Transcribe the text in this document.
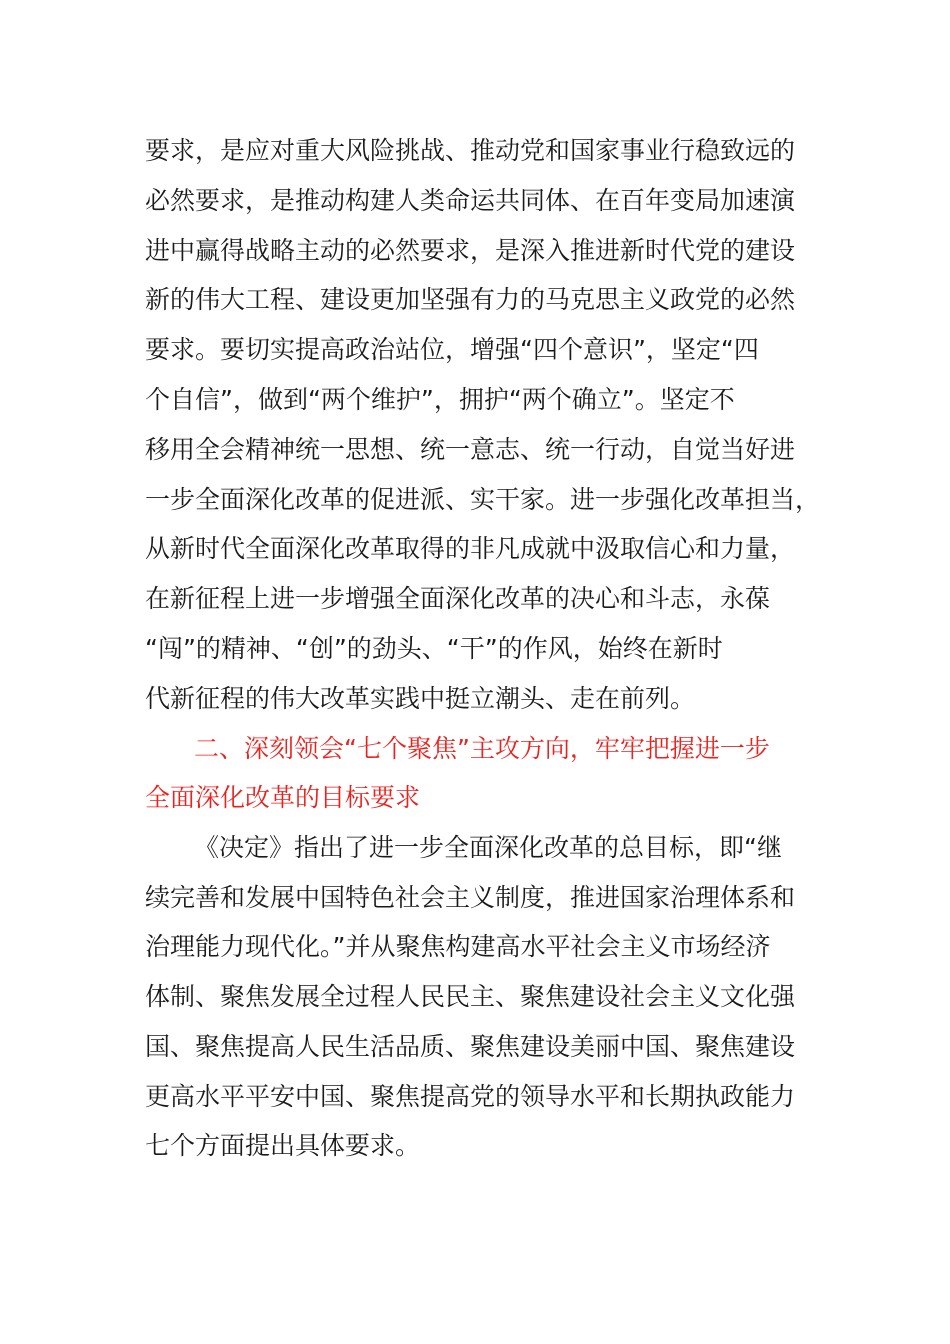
要求，是应对重大风险挑战、推动党和国家事业行稳致远的
必然要求，是推动构建人类命运共同体、在百年变局加速演
进中赢得战略主动的必然要求，是深入推进新时代党的建设
新的伟大工程、建设更加坚强有力的马克思主义政党的必然
要求。要切实提高政治站位，增强“四个意识”，坚定“四
个自信”，做到“两个维护”，拥护“两个确立”。坚定不
移用全会精神统一思想、统一意志、统一行动，自觉当好进
一步全面深化改革的促进派、实干家。进一步强化改革担当，
从新时代全面深化改革取得的非凡成就中汲取信心和力量，
在新征程上进一步增强全面深化改革的决心和斗志，永葆
“闯”的精神、“创”的劲头、“干”的作风，始终在新时
代新征程的伟大改革实践中挺立潮头、走在前列。
二、深刻领会“七个聚焦”主攻方向，牢牢把握进一步
全面深化改革的目标要求
《决定》指出了进一步全面深化改革的总目标，即“继
续完善和发展中国特色社会主义制度，推进国家治理体系和
治理能力现代化。”并从聚焦构建高水平社会主义市场经济
体制、聚焦发展全过程人民民主、聚焦建设社会主义文化强
国、聚焦提高人民生活品质、聚焦建设美丽中国、聚焦建设
更高水平平安中国、聚焦提高党的领导水平和长期执政能力
七个方面提出具体要求。
